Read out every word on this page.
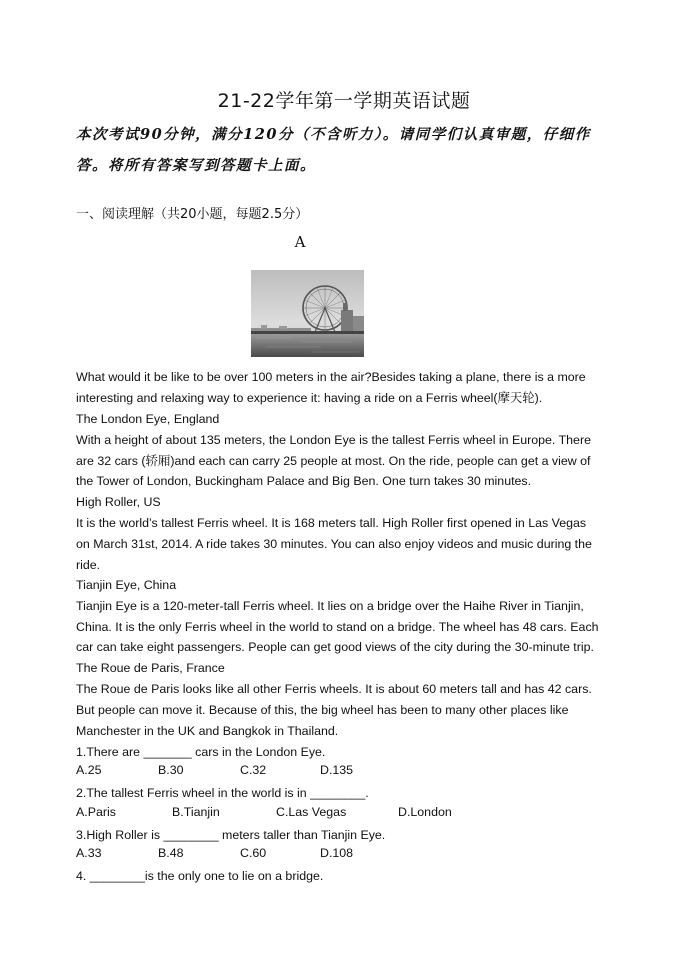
21-22学年第一学期英语试题
本次考试90分钟，满分120分（不含听力）。请同学们认真审题，仔细作
答。将所有答案写到答题卡上面。
一、阅读理解（共20小题，每题2.5分）
A
What would it be like to be over 100 meters in the air?Besides taking a plane, there is a more
interesting and relaxing way to experience it: having a ride on a Ferris wheel(摩天轮).
The London Eye, England
With a height of about 135 meters, the London Eye is the tallest Ferris wheel in Europe. There
are 32 cars (轿厢)and each can carry 25 people at most. On the ride, people can get a view of
the Tower of London, Buckingham Palace and Big Ben. One turn takes 30 minutes.
High Roller, US
It is the world’s tallest Ferris wheel. It is 168 meters tall. High Roller first opened in Las Vegas
on March 31st, 2014. A ride takes 30 minutes. You can also enjoy videos and music during the
ride.
Tianjin Eye, China
Tianjin Eye is a 120-meter-tall Ferris wheel. It lies on a bridge over the Haihe River in Tianjin,
China. It is the only Ferris wheel in the world to stand on a bridge. The wheel has 48 cars. Each
car can take eight passengers. People can get good views of the city during the 30-minute trip.
The Roue de Paris, France
The Roue de Paris looks like all other Ferris wheels. It is about 60 meters tall and has 42 cars.
But people can move it. Because of this, the big wheel has been to many other places like
Manchester in the UK and Bangkok in Thailand.
1.There are _______ cars in the London Eye.
A.25	B.30	C.32	D.135
2.The tallest Ferris wheel in the world is in ________.
A.Paris	B.Tianjin	C.Las Vegas	D.London
3.High Roller is ________ meters taller than Tianjin Eye.
A.33	B.48	C.60	D.108
4. ________is the only one to lie on a bridge.
